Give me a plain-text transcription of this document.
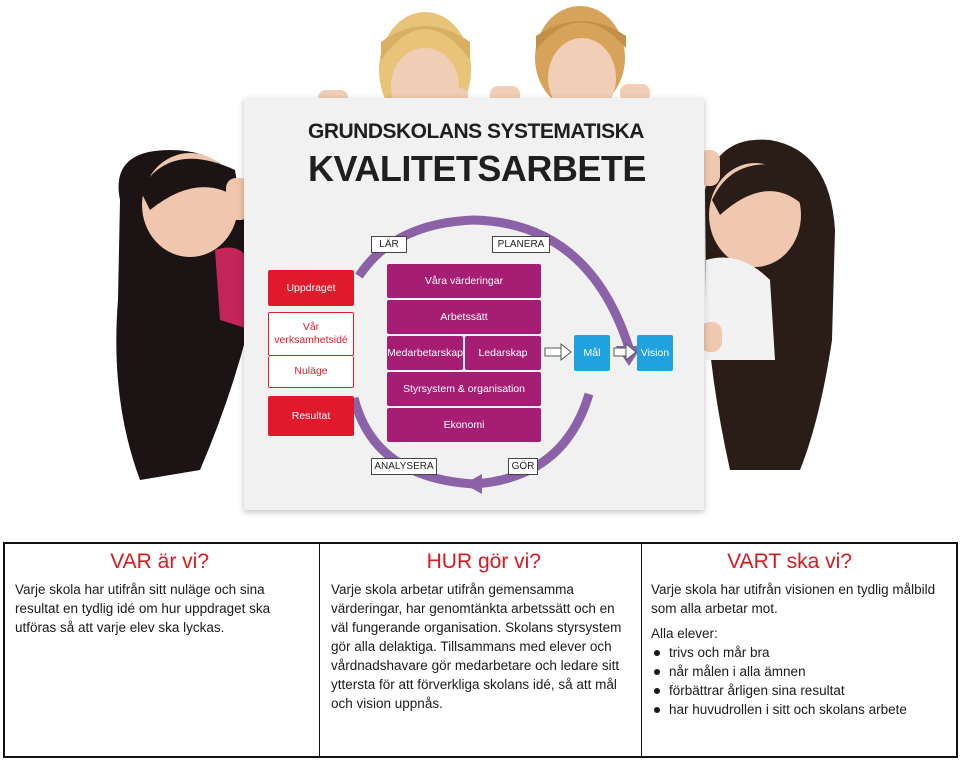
GRUNDSKOLANS SYSTEMATISKA
KVALITETSARBETE
LÄR	PLANERA
ANALYSERA	GÖR
Uppdraget
Vår verksamhetsidé
Nuläge
Resultat
Våra värderingar
Arbetssätt
Medarbetarskap	Ledarskap
Styrsystem & organisation
Ekonomi
Mål	Vision
VAR är vi?
Varje skola har utifrån sitt nuläge och sina resultat en tydlig idé om hur uppdraget ska utföras så att varje elev ska lyckas.
HUR gör vi?
Varje skola arbetar utifrån gemensamma värderingar, har genomtänkta arbetssätt och en väl fungerande organisation. Skolans styrsystem gör alla delaktiga. Tillsammans med elever och vårdnadshavare gör medarbetare och ledare sitt yttersta för att förverkliga skolans idé, så att mål och vision uppnås.
VART ska vi?
Varje skola har utifrån visionen en tydlig målbild som alla arbetar mot.
Alla elever:
trivs och mår bra
når målen i alla ämnen
förbättrar årligen sina resultat
har huvudrollen i sitt och skolans arbete
